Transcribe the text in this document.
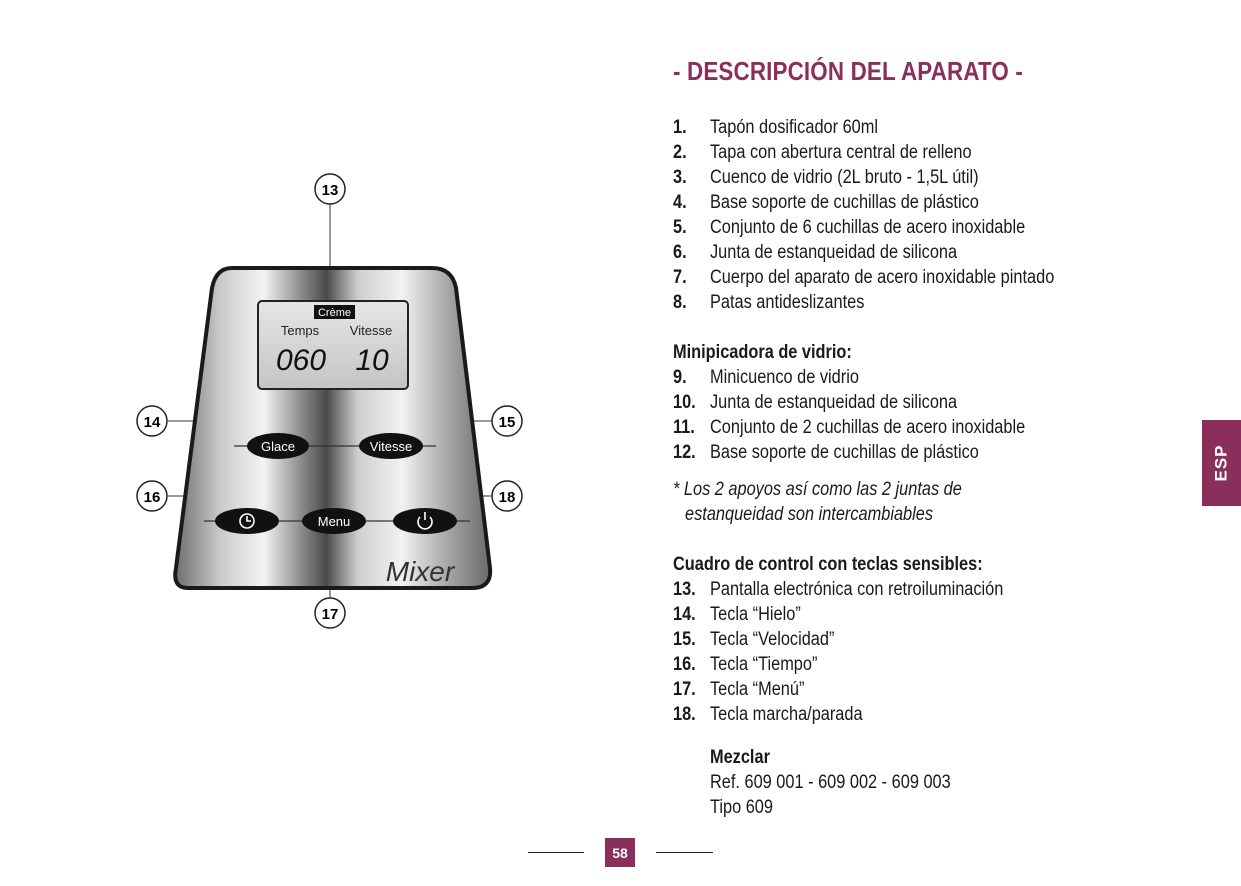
Crème
Temps Vitesse
060 10
Glace	Vitesse
Menu
Mixer
13
14	15
16
17
18
- DESCRIPCIÓN DEL APARATO -
1.	Tapón dosificador 60ml
2.	Tapa con abertura central de relleno
3.	Cuenco de vidrio (2L bruto - 1,5L útil)
4.	Base soporte de cuchillas de plástico
5.	Conjunto de 6 cuchillas de acero inoxidable
6.	Junta de estanqueidad de silicona
7.	Cuerpo del aparato de acero inoxidable pintado
8.	Patas antideslizantes
Minipicadora de vidrio:
9.	Minicuenco de vidrio
10. Junta de estanqueidad de silicona
11. Conjunto de 2 cuchillas de acero inoxidable
12. Base soporte de cuchillas de plástico
* Los 2 apoyos así como las 2 juntas de
estanqueidad son intercambiables
Cuadro de control con teclas sensibles:
13. Pantalla electrónica con retroiluminación
14. Tecla “Hielo”
15. Tecla “Velocidad”
16. Tecla “Tiempo”
17. Tecla “Menú”
18. Tecla marcha/parada
Mezclar
Ref. 609 001 - 609 002 - 609 003
Tipo 609
ESP
58
